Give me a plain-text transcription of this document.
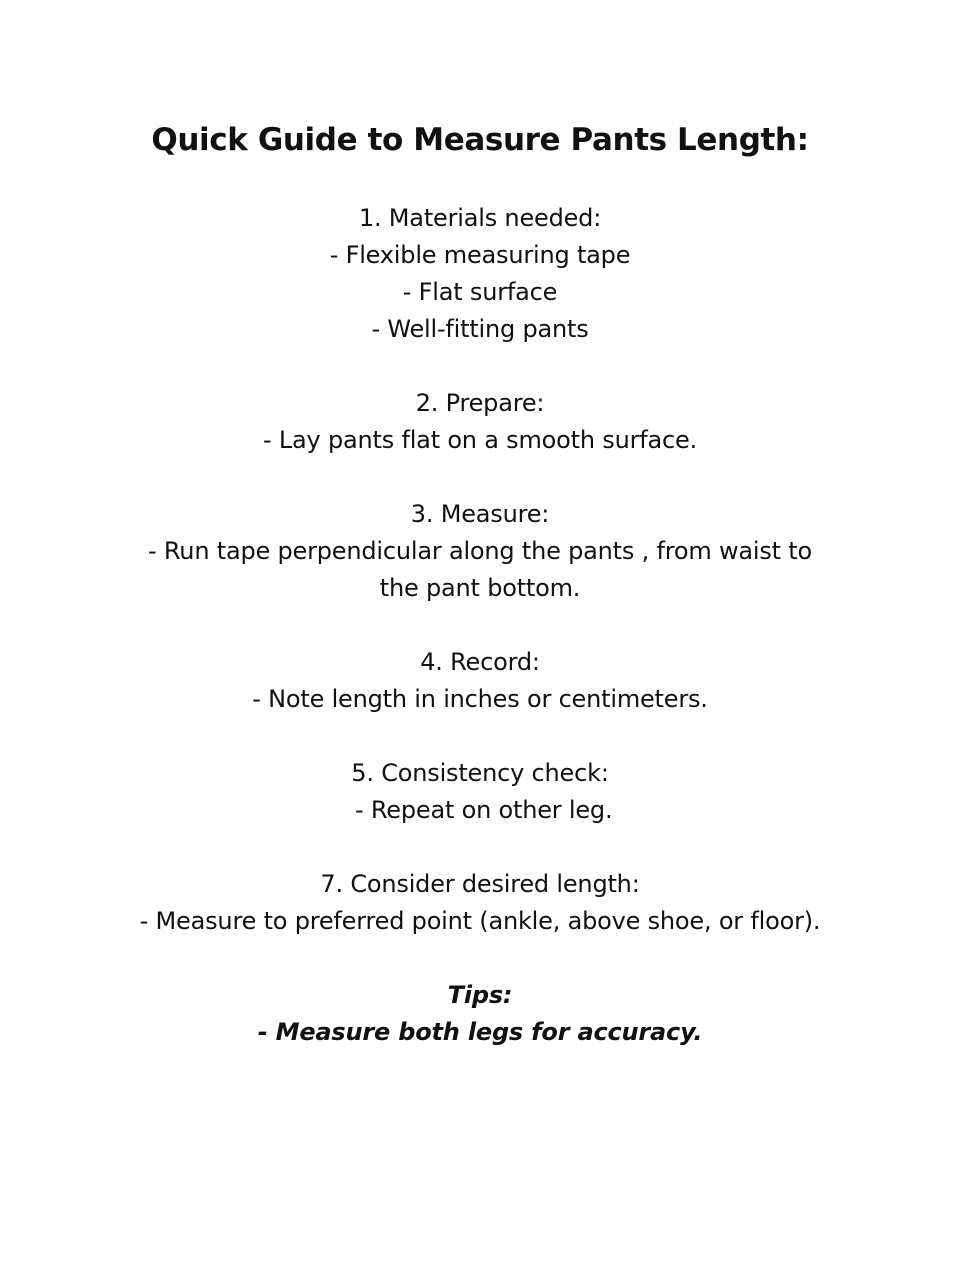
Quick Guide to Measure Pants Length:
1. Materials needed:
- Flexible measuring tape
- Flat surface
- Well-fitting pants
2. Prepare:
- Lay pants flat on a smooth surface.
3. Measure:
- Run tape perpendicular along the pants , from waist to
the pant bottom.
4. Record:
- Note length in inches or centimeters.
5. Consistency check:
- Repeat on other leg.
7. Consider desired length:
- Measure to preferred point (ankle, above shoe, or floor).
Tips:
- Measure both legs for accuracy.
